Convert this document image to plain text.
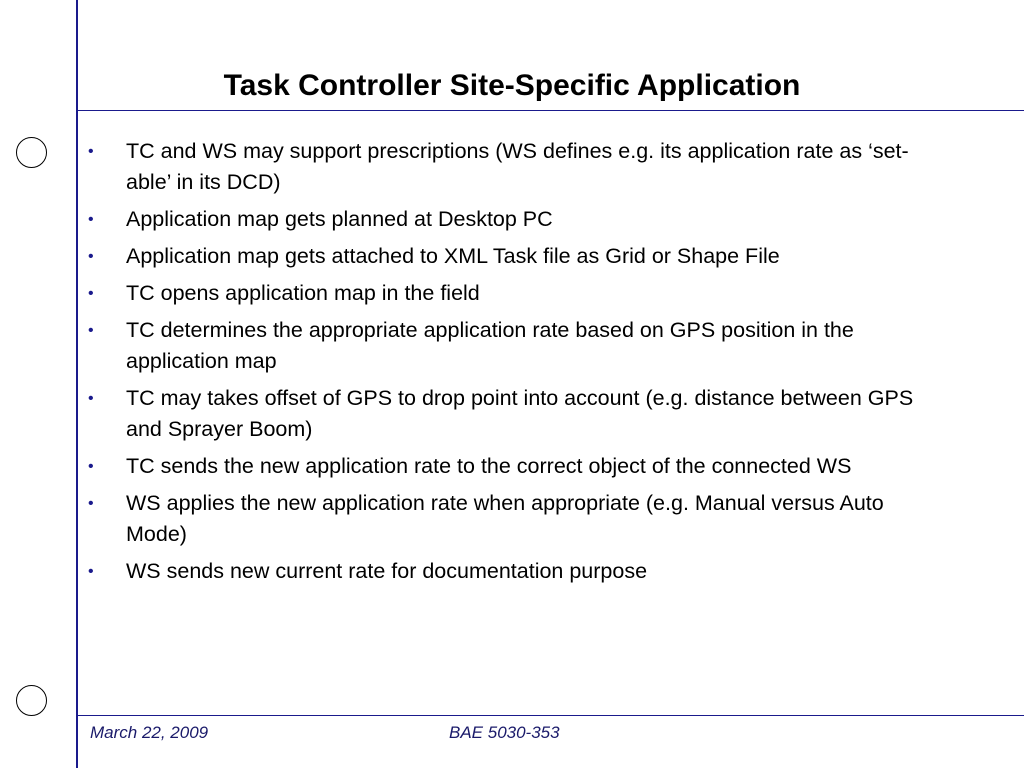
Task Controller Site-Specific Application
• TC and WS may support prescriptions (WS defines e.g. its application rate as ‘set-able’ in its DCD)
• Application map gets planned at Desktop PC
• Application map gets attached to XML Task file as Grid or Shape File
• TC opens application map in the field
• TC determines the appropriate application rate based on GPS position in the application map
• TC may takes offset of GPS to drop point into account (e.g. distance between GPS and Sprayer Boom)
• TC sends the new application rate to the correct object of the connected WS
• WS applies the new application rate when appropriate (e.g. Manual versus Auto Mode)
• WS sends new current rate for documentation purpose
March 22, 2009	BAE 5030-353
